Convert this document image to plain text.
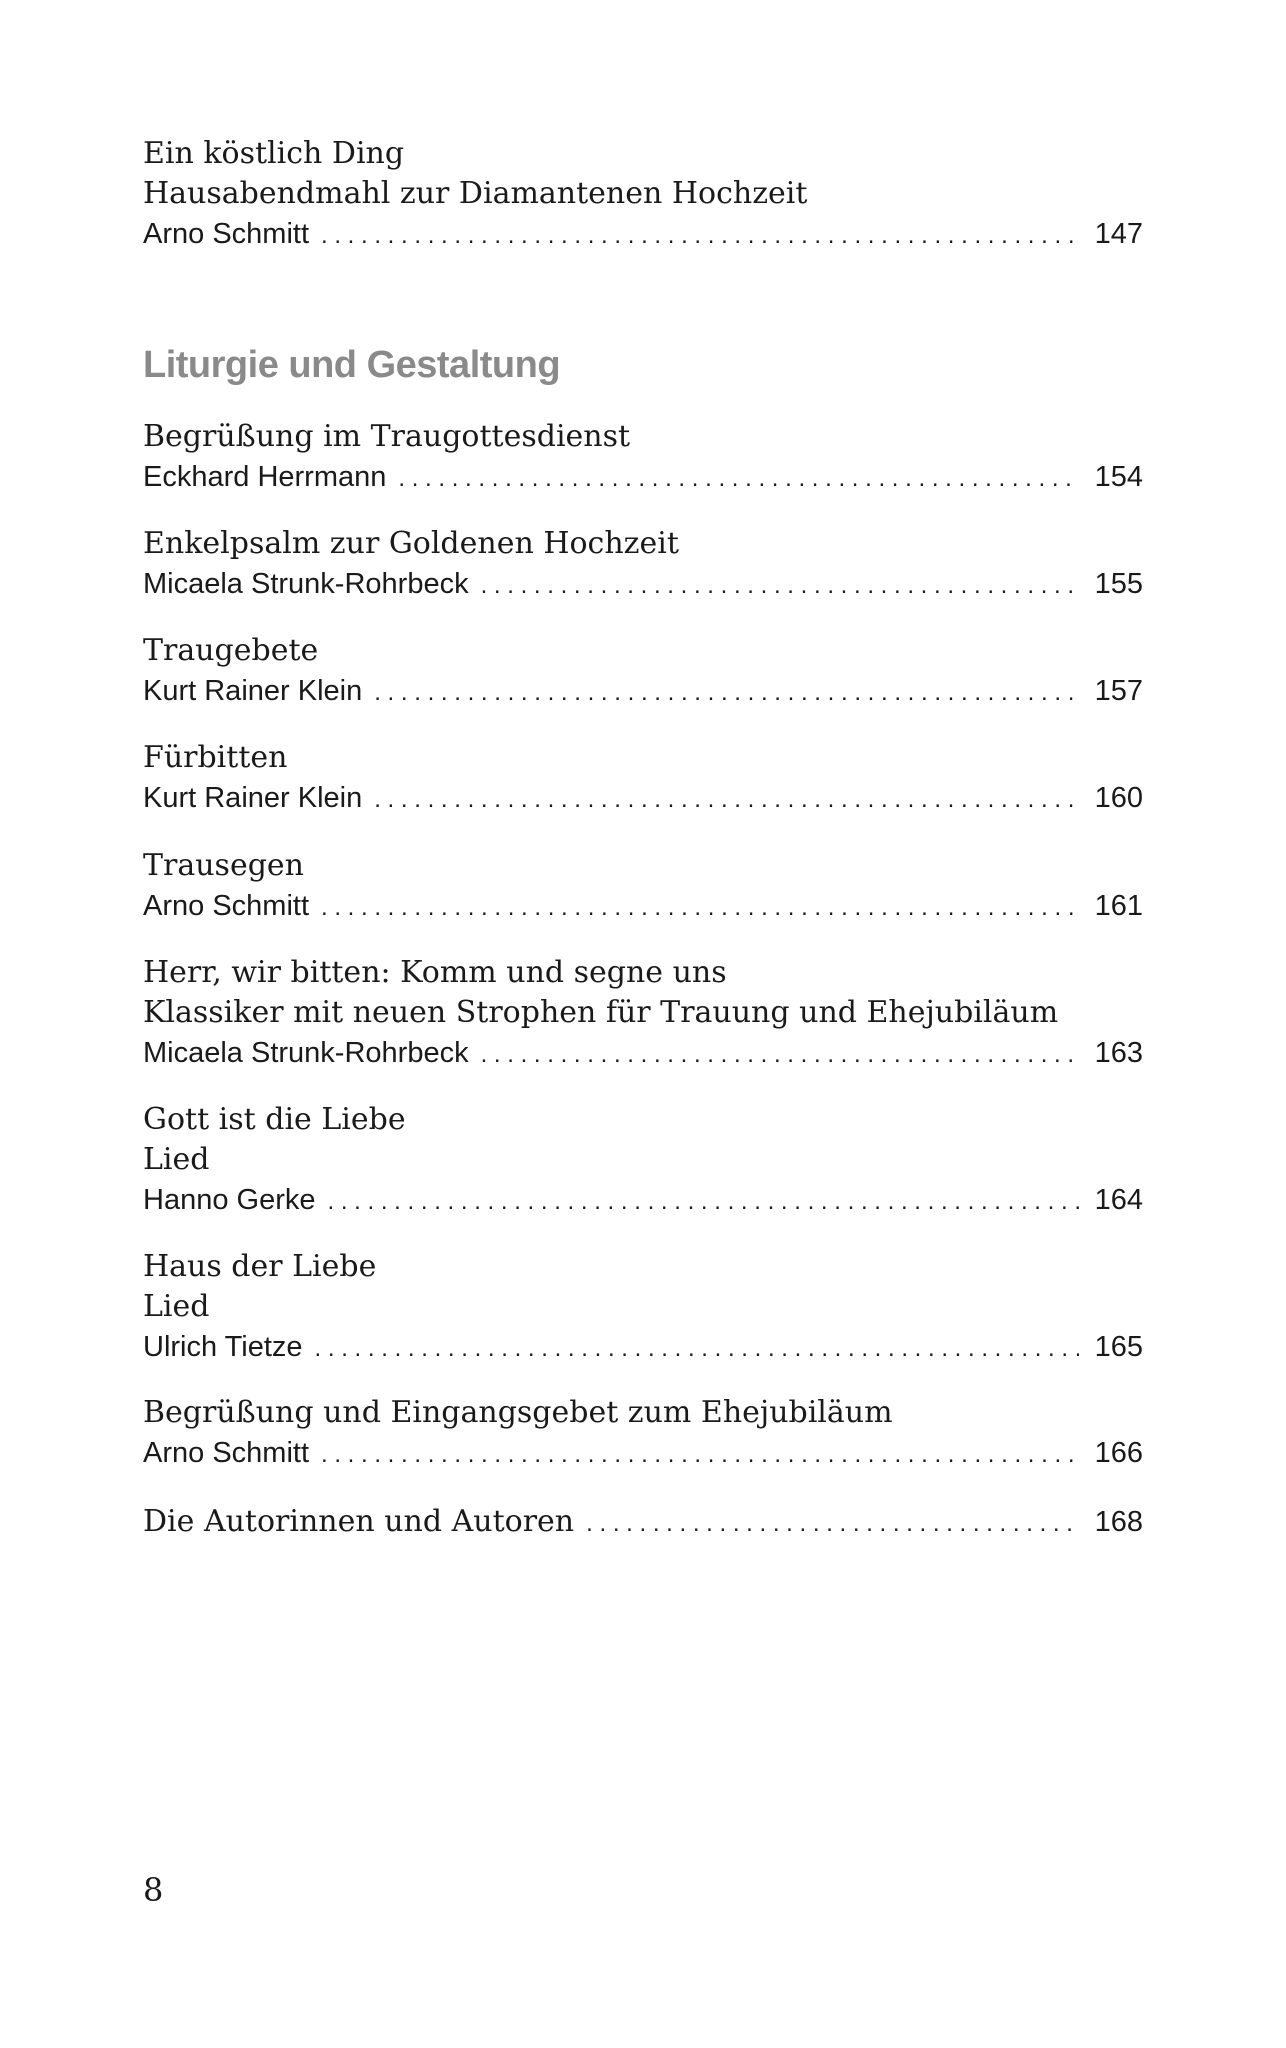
Ein köstlich Ding
Hausabendmahl zur Diamantenen Hochzeit
Arno Schmitt . . .	147
Liturgie und Gestaltung
Begrüßung im Traugottesdienst
Eckhard Herrmann . . .	154
Enkelpsalm zur Goldenen Hochzeit
Micaela Strunk-Rohrbeck . . .	155
Traugebete
Kurt Rainer Klein . . .	157
Fürbitten
Kurt Rainer Klein . . .	160
Trausegen
Arno Schmitt . . .	161
Herr, wir bitten: Komm und segne uns
Klassiker mit neuen Strophen für Trauung und Ehejubiläum
Micaela Strunk-Rohrbeck . . .	163
Gott ist die Liebe
Lied
Hanno Gerke . . .	164
Haus der Liebe
Lied
Ulrich Tietze . . .	165
Begrüßung und Eingangsgebet zum Ehejubiläum
Arno Schmitt . . .	166
Die Autorinnen und Autoren . . .	168
8
